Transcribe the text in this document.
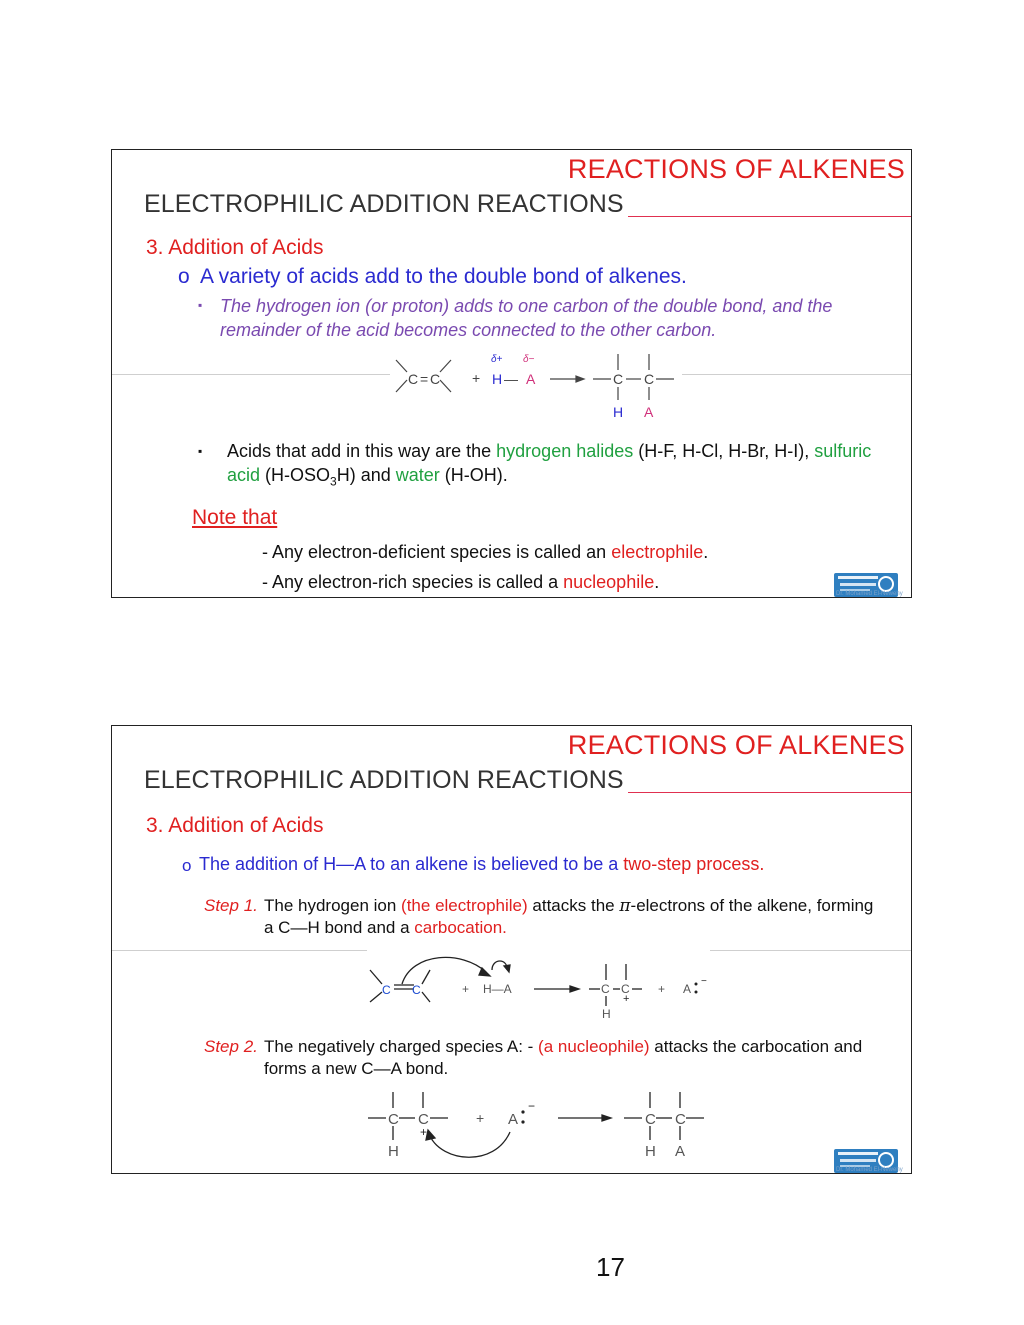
REACTIONS OF ALKENES
ELECTROPHILIC ADDITION REACTIONS
3. Addition of Acids
o A variety of acids add to the double bond of alkenes.
▪ The hydrogen ion (or proton) adds to one carbon of the double bond, and the
remainder of the acid becomes connected to the other carbon.
C = C +
δ+ δ−
H — A	C C
H A
▪ Acids that add in this way are the hydrogen halides (H-F, H-Cl, H-Br, H-I), sulfuric
acid $(H-OSO_3H)$ and water (H-OH).
Note that
- Any electron-deficient species is called an electrophile.
- Any electron-rich species is called a nucleophile.
Dr. Mohamed El-Newehy
REACTIONS OF ALKENES
ELECTROPHILIC ADDITION REACTIONS
3. Addition of Acids
o The addition of H—A to an alkene is believed to be a two-step process.
Step 1. The hydrogen ion (the electrophile) attacks the π-electrons of the alkene, forming
a C—H bond and a carbocation.
C C	+ H—A	C C
+
H
+ A
−
Step 2. The negatively charged species A: - (a nucleophile) attacks the carbocation and
forms a new C—A bond.
C C
+
H
+ A
−
C C
H A
Dr. Mohamed El-Newehy
17
